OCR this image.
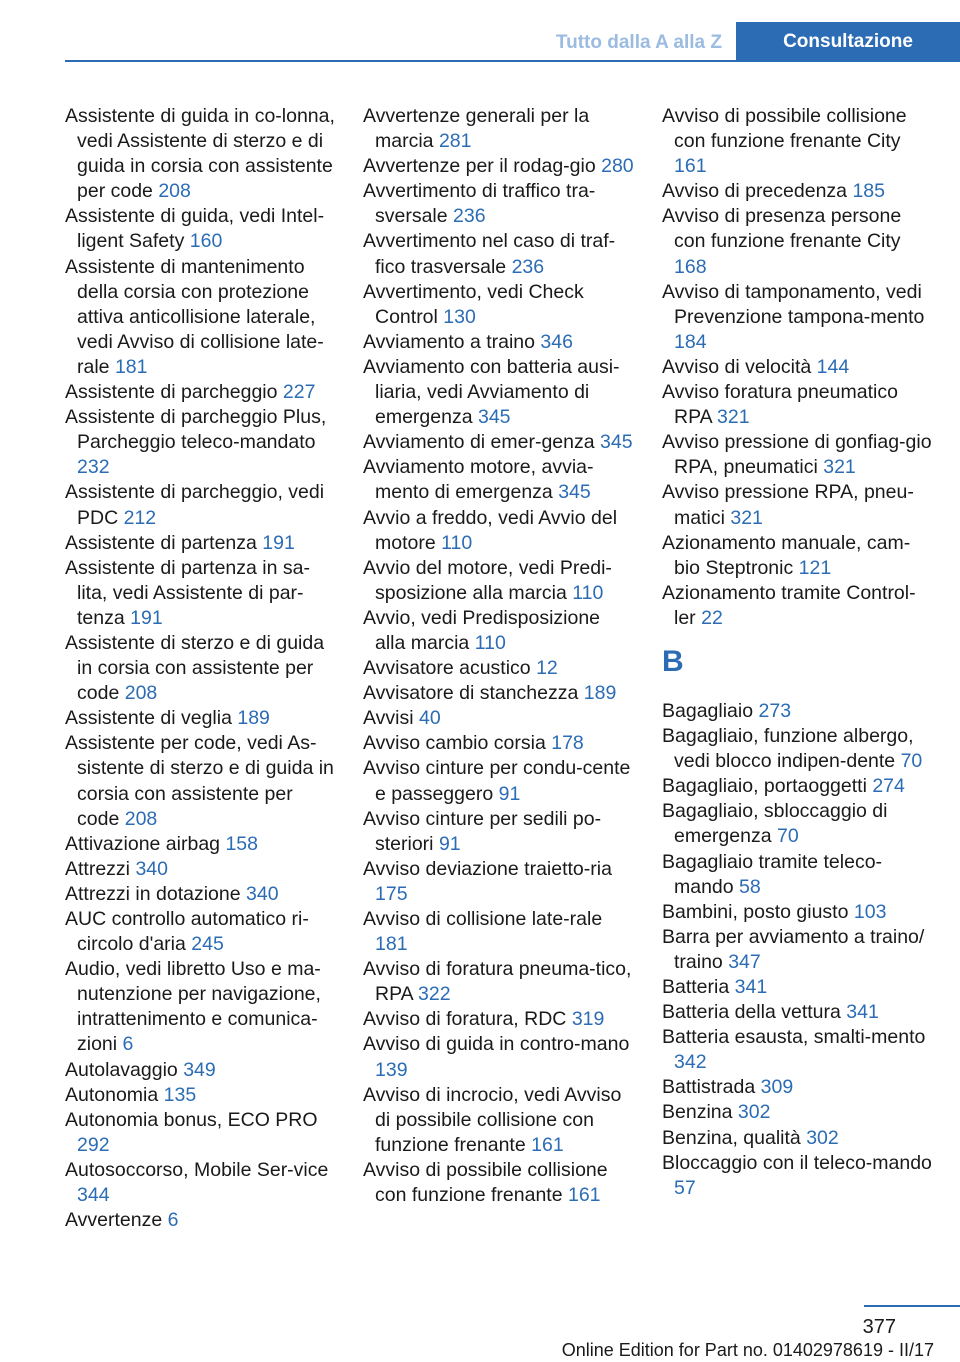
Tutto dalla A alla Z	Consultazione
Assistente di guida in co-lonna, vedi Assistente di sterzo e di guida in corsia con assistente per code 208
Assistente di guida, vedi Intel-ligent Safety 160
Assistente di mantenimento della corsia con protezione attiva anticollisione laterale, vedi Avviso di collisione late-rale 181
Assistente di parcheggio 227
Assistente di parcheggio Plus, Parcheggio teleco-mandato 232
Assistente di parcheggio, vedi PDC 212
Assistente di partenza 191
Assistente di partenza in sa-lita, vedi Assistente di par-tenza 191
Assistente di sterzo e di guida in corsia con assistente per code 208
Assistente di veglia 189
Assistente per code, vedi As-sistente di sterzo e di guida in corsia con assistente per code 208
Attivazione airbag 158
Attrezzi 340
Attrezzi in dotazione 340
AUC controllo automatico ri-circolo d'aria 245
Audio, vedi libretto Uso e ma-nutenzione per navigazione, intrattenimento e comunica-zioni 6
Autolavaggio 349
Autonomia 135
Autonomia bonus, ECO PRO 292
Autosoccorso, Mobile Ser-vice 344
Avvertenze 6
Avvertenze generali per la marcia 281
Avvertenze per il rodag-gio 280
Avvertimento di traffico tra-sversale 236
Avvertimento nel caso di traf-fico trasversale 236
Avvertimento, vedi Check Control 130
Avviamento a traino 346
Avviamento con batteria ausi-liaria, vedi Avviamento di emergenza 345
Avviamento di emer-genza 345
Avviamento motore, avvia-mento di emergenza 345
Avvio a freddo, vedi Avvio del motore 110
Avvio del motore, vedi Predi-sposizione alla marcia 110
Avvio, vedi Predisposizione alla marcia 110
Avvisatore acustico 12
Avvisatore di stanchezza 189
Avvisi 40
Avviso cambio corsia 178
Avviso cinture per condu-cente e passeggero 91
Avviso cinture per sedili po-steriori 91
Avviso deviazione traietto-ria 175
Avviso di collisione late-rale 181
Avviso di foratura pneuma-tico, RPA 322
Avviso di foratura, RDC 319
Avviso di guida in contro-mano 139
Avviso di incrocio, vedi Avviso di possibile collisione con funzione frenante 161
Avviso di possibile collisione con funzione frenante 161
Avviso di possibile collisione con funzione frenante City 161
Avviso di precedenza 185
Avviso di presenza persone con funzione frenante City 168
Avviso di tamponamento, vedi Prevenzione tampona-mento 184
Avviso di velocità 144
Avviso foratura pneumatico RPA 321
Avviso pressione di gonfiag-gio RPA, pneumatici 321
Avviso pressione RPA, pneu-matici 321
Azionamento manuale, cam-bio Steptronic 121
Azionamento tramite Control-ler 22
B
Bagagliaio 273
Bagagliaio, funzione albergo, vedi blocco indipen-dente 70
Bagagliaio, portaoggetti 274
Bagagliaio, sbloccaggio di emergenza 70
Bagagliaio tramite teleco-mando 58
Bambini, posto giusto 103
Barra per avviamento a traino/ traino 347
Batteria 341
Batteria della vettura 341
Batteria esausta, smalti-mento 342
Battistrada 309
Benzina 302
Benzina, qualità 302
Bloccaggio con il teleco-mando 57
377
Online Edition for Part no. 01402978619 - II/17
